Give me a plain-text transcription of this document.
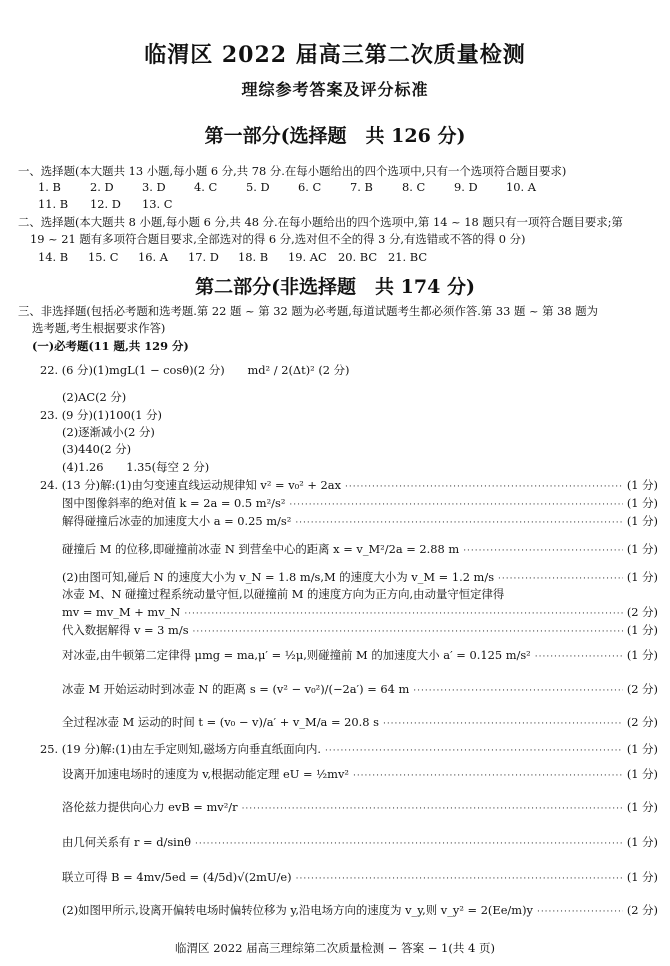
临渭区 2022 届高三第二次质量检测
理综参考答案及评分标准
第一部分(选择题　共 126 分)
一、选择题(本大题共 13 小题,每小题 6 分,共 78 分.在每小题给出的四个选项中,只有一个选项符合题目要求)
1. B	2. D 3. D 4. C	5. D 6. C	7. B	8. C	9. D 10. A
11. B 12. D 13. C
二、选择题(本大题共 8 小题,每小题 6 分,共 48 分.在每小题给出的四个选项中,第 14 ~ 18 题只有一项符合题目要求;第
19 ~ 21 题有多项符合题目要求,全部选对的得 6 分,选对但不全的得 3 分,有选错或不答的得 0 分)
14. B 15. C 16. A 17. D 18. B 19. AC 20. BC 21. BC
第二部分(非选择题　共 174 分)
三、非选择题(包括必考题和选考题.第 22 题 ~ 第 32 题为必考题,每道试题考生都必须作答.第 33 题 ~ 第 38 题为
选考题,考生根据要求作答)
(一)必考题(11 题,共 129 分)
22. (6 分)(1)mgL(1 − cosθ)(2 分)　　md² / 2(Δt)² (2 分)
(2)AC(2 分)
23. (9 分)(1)100(1 分)
(2)逐渐减小(2 分)
(3)440(2 分)
(4)1.26　　1.35(每空 2 分)
24. (13 分)解:(1)由匀变速直线运动规律知 v² = v₀² + 2ax ·····	(1 分)
图中图像斜率的绝对值 k = 2a = 0.5 m²/s² ·····	(1 分)
解得碰撞后冰壶的加速度大小 a = 0.25 m/s² ·····	(1 分)
碰撞后 M 的位移,即碰撞前冰壶 N 到营垒中心的距离 x = v_M²/2a = 2.88 m ·····	(1 分)
(2)由图可知,碰后 N 的速度大小为 v_N = 1.8 m/s,M 的速度大小为 v_M = 1.2 m/s ·····	(1 分)
冰壶 M、N 碰撞过程系统动量守恒,以碰撞前 M 的速度方向为正方向,由动量守恒定律得
mv = mv_M + mv_N ·····	(2 分)
代入数据解得 v = 3 m/s ·····	(1 分)
对冰壶,由牛顿第二定律得 μmg = ma,μ′ = ½μ,则碰撞前 M 的加速度大小 a′ = 0.125 m/s² ·····	(1 分)
冰壶 M 开始运动时到冰壶 N 的距离 s = (v² − v₀²)/(−2a′) = 64 m ·····	(2 分)
全过程冰壶 M 运动的时间 t = (v₀ − v)/a′ + v_M/a = 20.8 s ·····	(2 分)
25. (19 分)解:(1)由左手定则知,磁场方向垂直纸面向内. ·····	(1 分)
设离开加速电场时的速度为 v,根据动能定理 eU = ½mv² ·····	(1 分)
洛伦兹力提供向心力 evB = mv²/r ·····	(1 分)
由几何关系有 r = d/sinθ ·····	(1 分)
联立可得 B = 4mv/5ed = (4/5d)√(2mU/e) ·····	(1 分)
(2)如图甲所示,设离开偏转电场时偏转位移为 y,沿电场方向的速度为 v_y,则 v_y² = 2(Ee/m)y ·····	(2 分)
临渭区 2022 届高三理综第二次质量检测 − 答案 − 1(共 4 页)
